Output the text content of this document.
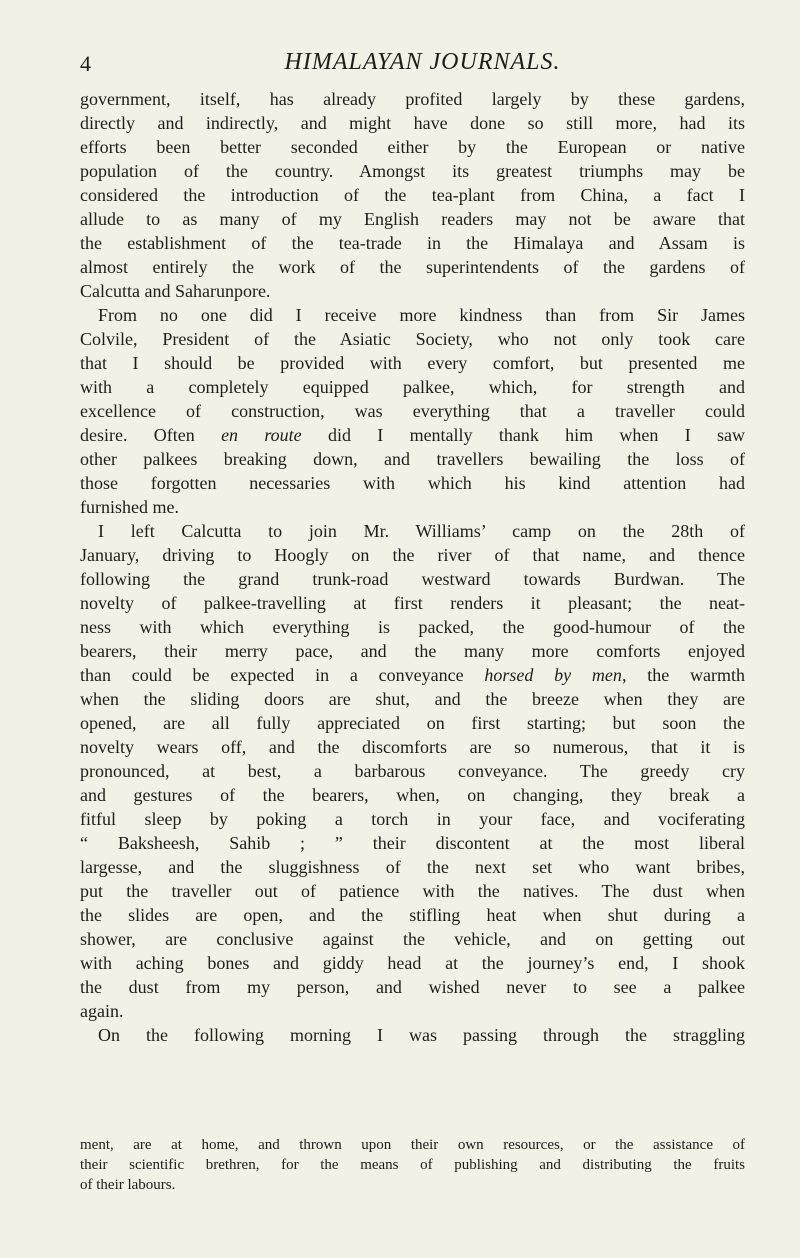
4	HIMALAYAN JOURNALS.
government, itself, has already profited largely by these gardens,
directly and indirectly, and might have done so still more, had its
efforts been better seconded either by the European or native
population of the country. Amongst its greatest triumphs may be
considered the introduction of the tea-plant from China, a fact I
allude to as many of my English readers may not be aware that
the establishment of the tea-trade in the Himalaya and Assam is
almost entirely the work of the superintendents of the gardens of
Calcutta and Saharunpore.
From no one did I receive more kindness than from Sir James
Colvile, President of the Asiatic Society, who not only took care
that I should be provided with every comfort, but presented me
with a completely equipped palkee, which, for strength and
excellence of construction, was everything that a traveller could
desire. Often en route did I mentally thank him when I saw
other palkees breaking down, and travellers bewailing the loss of
those forgotten necessaries with which his kind attention had
furnished me.
I left Calcutta to join Mr. Williams’ camp on the 28th of
January, driving to Hoogly on the river of that name, and thence
following the grand trunk-road westward towards Burdwan. The
novelty of palkee-travelling at first renders it pleasant; the neat-
ness with which everything is packed, the good-humour of the
bearers, their merry pace, and the many more comforts enjoyed
than could be expected in a conveyance horsed by men, the warmth
when the sliding doors are shut, and the breeze when they are
opened, are all fully appreciated on first starting; but soon the
novelty wears off, and the discomforts are so numerous, that it is
pronounced, at best, a barbarous conveyance. The greedy cry
and gestures of the bearers, when, on changing, they break a
fitful sleep by poking a torch in your face, and vociferating
“ Baksheesh, Sahib ; ” their discontent at the most liberal
largesse, and the sluggishness of the next set who want bribes,
put the traveller out of patience with the natives. The dust when
the slides are open, and the stifling heat when shut during a
shower, are conclusive against the vehicle, and on getting out
with aching bones and giddy head at the journey’s end, I shook
the dust from my person, and wished never to see a palkee
again.
On the following morning I was passing through the straggling
ment, are at home, and thrown upon their own resources, or the assistance of
their scientific brethren, for the means of publishing and distributing the fruits
of their labours.
